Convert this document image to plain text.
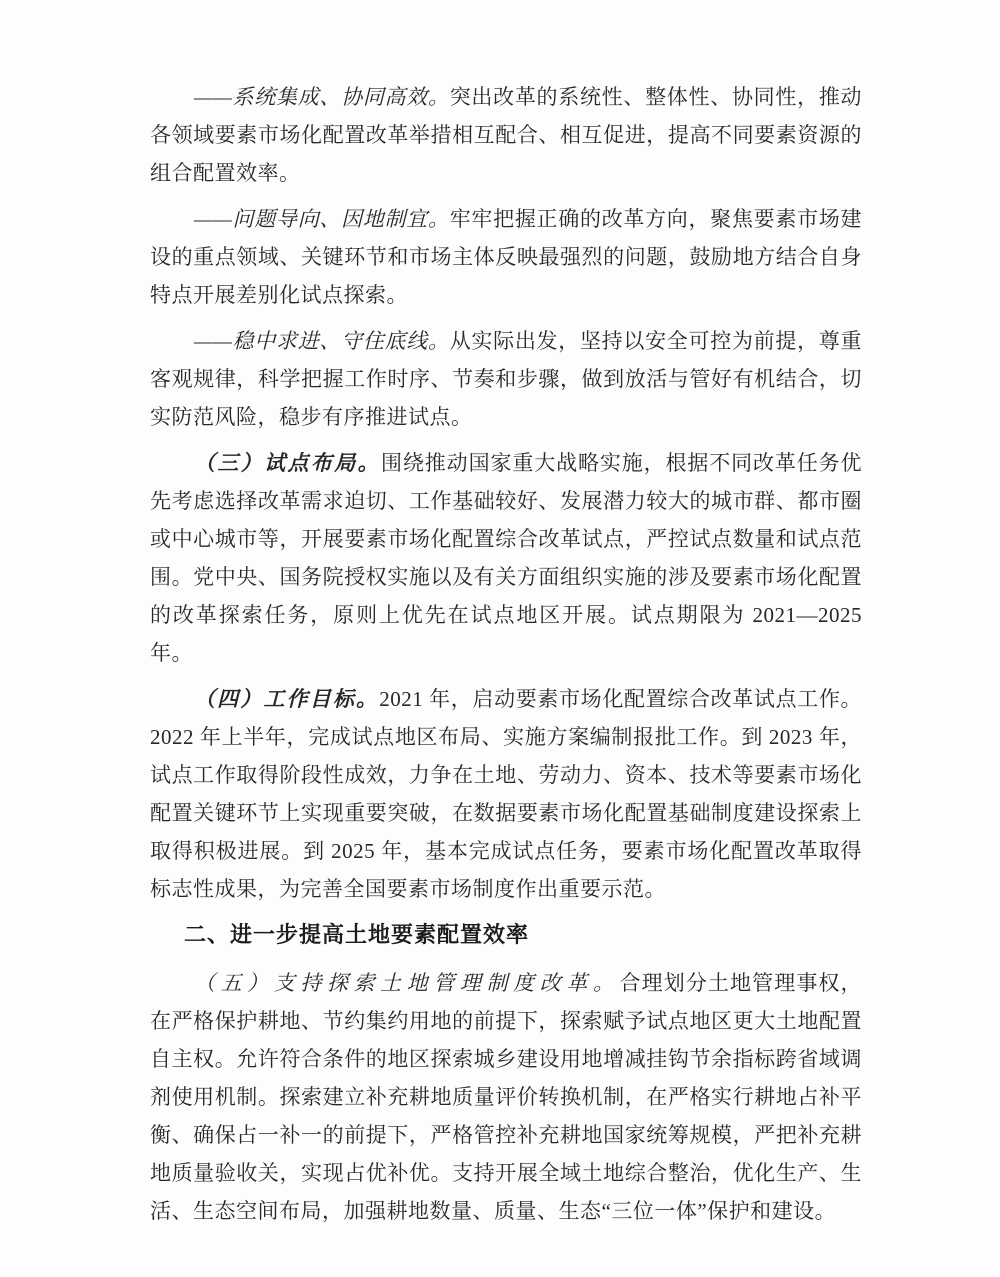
——系统集成、协同高效。突出改革的系统性、整体性、协同性，推动各领域要素市场化配置改革举措相互配合、相互促进，提高不同要素资源的组合配置效率。

——问题导向、因地制宜。牢牢把握正确的改革方向，聚焦要素市场建设的重点领域、关键环节和市场主体反映最强烈的问题，鼓励地方结合自身特点开展差别化试点探索。

——稳中求进、守住底线。从实际出发，坚持以安全可控为前提，尊重客观规律，科学把握工作时序、节奏和步骤，做到放活与管好有机结合，切实防范风险，稳步有序推进试点。

（三）试点布局。围绕推动国家重大战略实施，根据不同改革任务优先考虑选择改革需求迫切、工作基础较好、发展潜力较大的城市群、都市圈或中心城市等，开展要素市场化配置综合改革试点，严控试点数量和试点范围。党中央、国务院授权实施以及有关方面组织实施的涉及要素市场化配置的改革探索任务，原则上优先在试点地区开展。试点期限为 2021—2025 年。

（四）工作目标。2021 年，启动要素市场化配置综合改革试点工作。2022 年上半年，完成试点地区布局、实施方案编制报批工作。到 2023 年，试点工作取得阶段性成效，力争在土地、劳动力、资本、技术等要素市场化配置关键环节上实现重要突破，在数据要素市场化配置基础制度建设探索上取得积极进展。到 2025 年，基本完成试点任务，要素市场化配置改革取得标志性成果，为完善全国要素市场制度作出重要示范。

二、进一步提高土地要素配置效率

（五）支持探索土地管理制度改革。合理划分土地管理事权，在严格保护耕地、节约集约用地的前提下，探索赋予试点地区更大土地配置自主权。允许符合条件的地区探索城乡建设用地增减挂钩节余指标跨省域调剂使用机制。探索建立补充耕地质量评价转换机制，在严格实行耕地占补平衡、确保占一补一的前提下，严格管控补充耕地国家统筹规模，严把补充耕地质量验收关，实现占优补优。支持开展全域土地综合整治，优化生产、生活、生态空间布局，加强耕地数量、质量、生态“三位一体”保护和建设。
